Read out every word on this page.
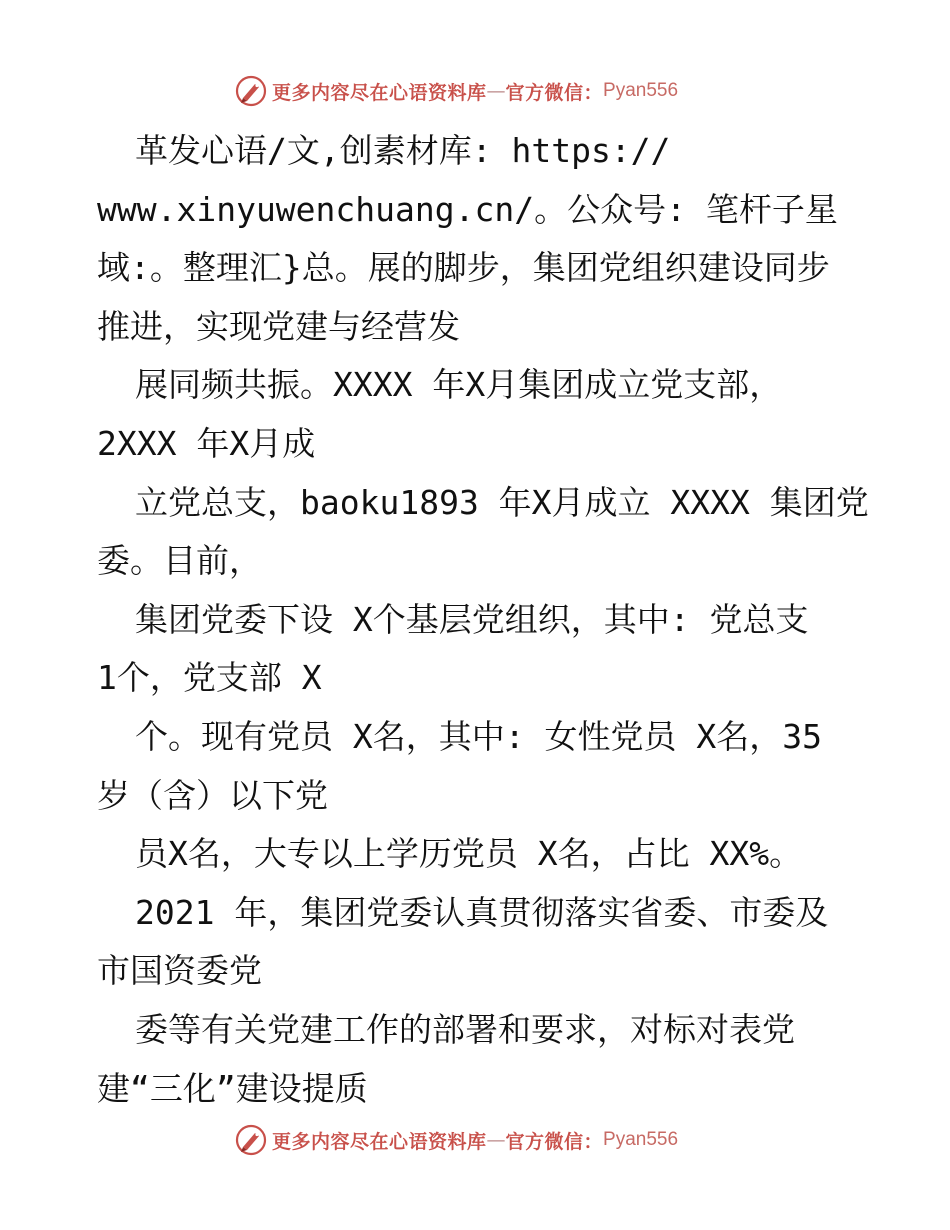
更多内容尽在心语资料库 — 官方微信： Pyan556
革发心语/文,创素材库: https://
www.xinyuwenchuang.cn/。公众号: 笔杆子星
域:。整理汇}总。展的脚步，集团党组织建设同步
推进，实现党建与经营发
展同频共振。XXXX 年X月集团成立党支部，
2XXX 年X月成
立党总支，baoku1893 年X月成立 XXXX 集团党
委。目前，
集团党委下设 X个基层党组织，其中: 党总支
1个，党支部 X
个。现有党员 X名，其中: 女性党员 X名，35
岁（含）以下党
员X名，大专以上学历党员 X名，占比 XX%。
2021 年，集团党委认真贯彻落实省委、市委及
市国资委党
委等有关党建工作的部署和要求，对标对表党
建“三化”建设提质
更多内容尽在心语资料库 — 官方微信： Pyan556
